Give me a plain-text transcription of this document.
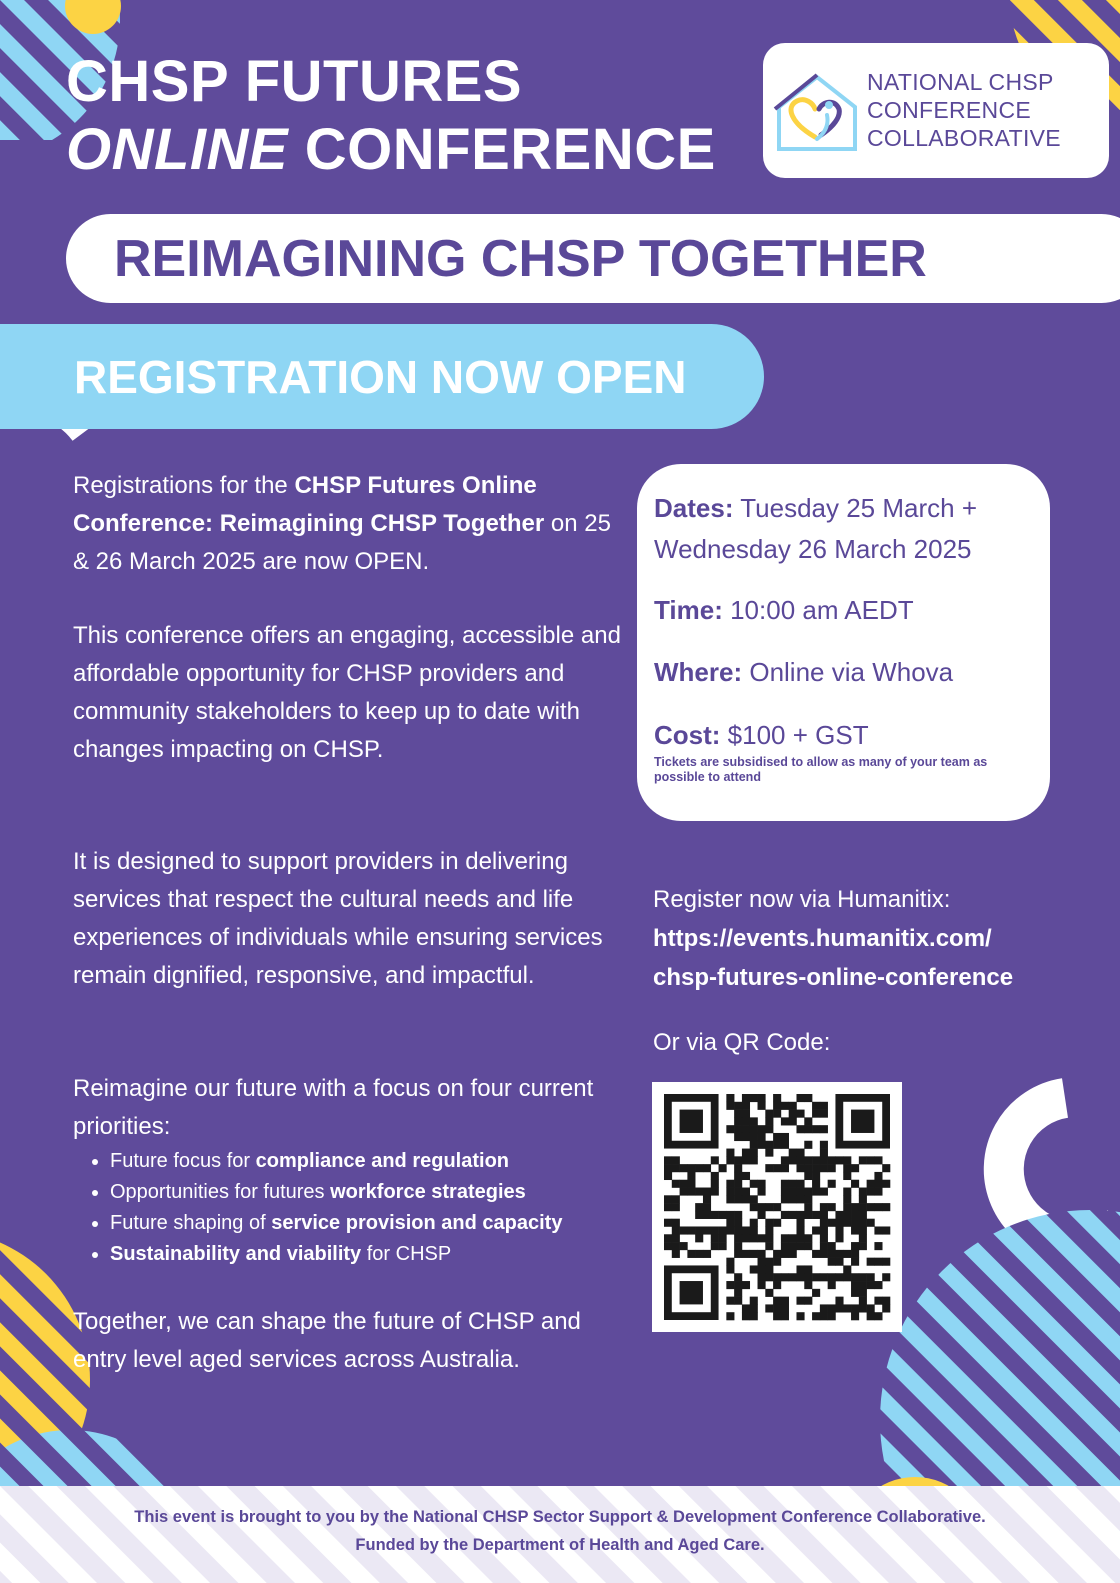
CHSP FUTURES
ONLINE CONFERENCE
NATIONAL CHSP
CONFERENCE
COLLABORATIVE
REIMAGINING CHSP TOGETHER
REGISTRATION NOW OPEN
Registrations for the CHSP Futures Online Conference: Reimagining CHSP Together on 25 & 26 March 2025 are now OPEN.
This conference offers an engaging, accessible and affordable opportunity for CHSP providers and community stakeholders to keep up to date with changes impacting on CHSP.
It is designed to support providers in delivering services that respect the cultural needs and life experiences of individuals while ensuring services remain dignified, responsive, and impactful.
Reimagine our future with a focus on four current priorities:
• Future focus for compliance and regulation
• Opportunities for futures workforce strategies
• Future shaping of service provision and capacity
• Sustainability and viability for CHSP
Together, we can shape the future of CHSP and entry level aged services across Australia.
Dates: Tuesday 25 March + Wednesday 26 March 2025
Time: 10:00 am AEDT
Where: Online via Whova
Cost: $100 + GST
Tickets are subsidised to allow as many of your team as possible to attend
Register now via Humanitix:
https://events.humanitix.com/
chsp-futures-online-conference
Or via QR Code:
This event is brought to you by the National CHSP Sector Support & Development Conference Collaborative.
Funded by the Department of Health and Aged Care.
